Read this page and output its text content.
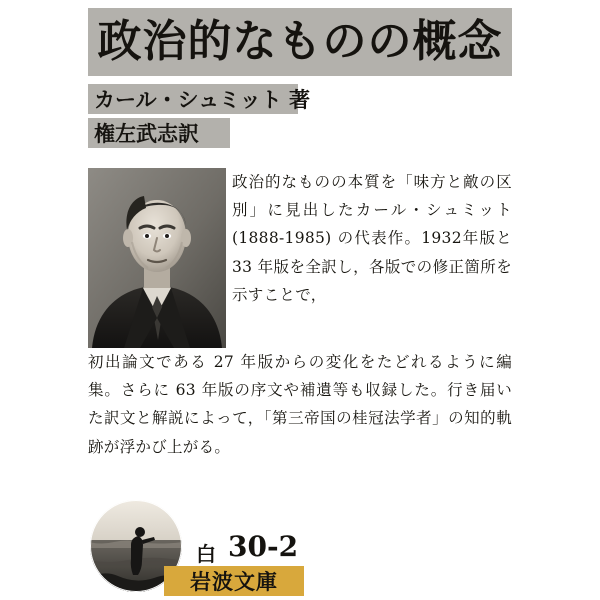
政治的なものの概念
カール・シュミット 著
権左武志訳
政治的なものの本質を「味方と敵の区別」に見出したカール・シュミット(1888-1985) の代表作。1932年版と 33 年版を全訳し，各版での修正箇所を示すことで，
初出論文である 27 年版からの変化をたどれるように編集。さらに 63 年版の序文や補遺等も収録した。行き届いた訳文と解説によって，「第三帝国の桂冠法学者」の知的軌跡が浮かび上がる。
白 30-2
岩波文庫
